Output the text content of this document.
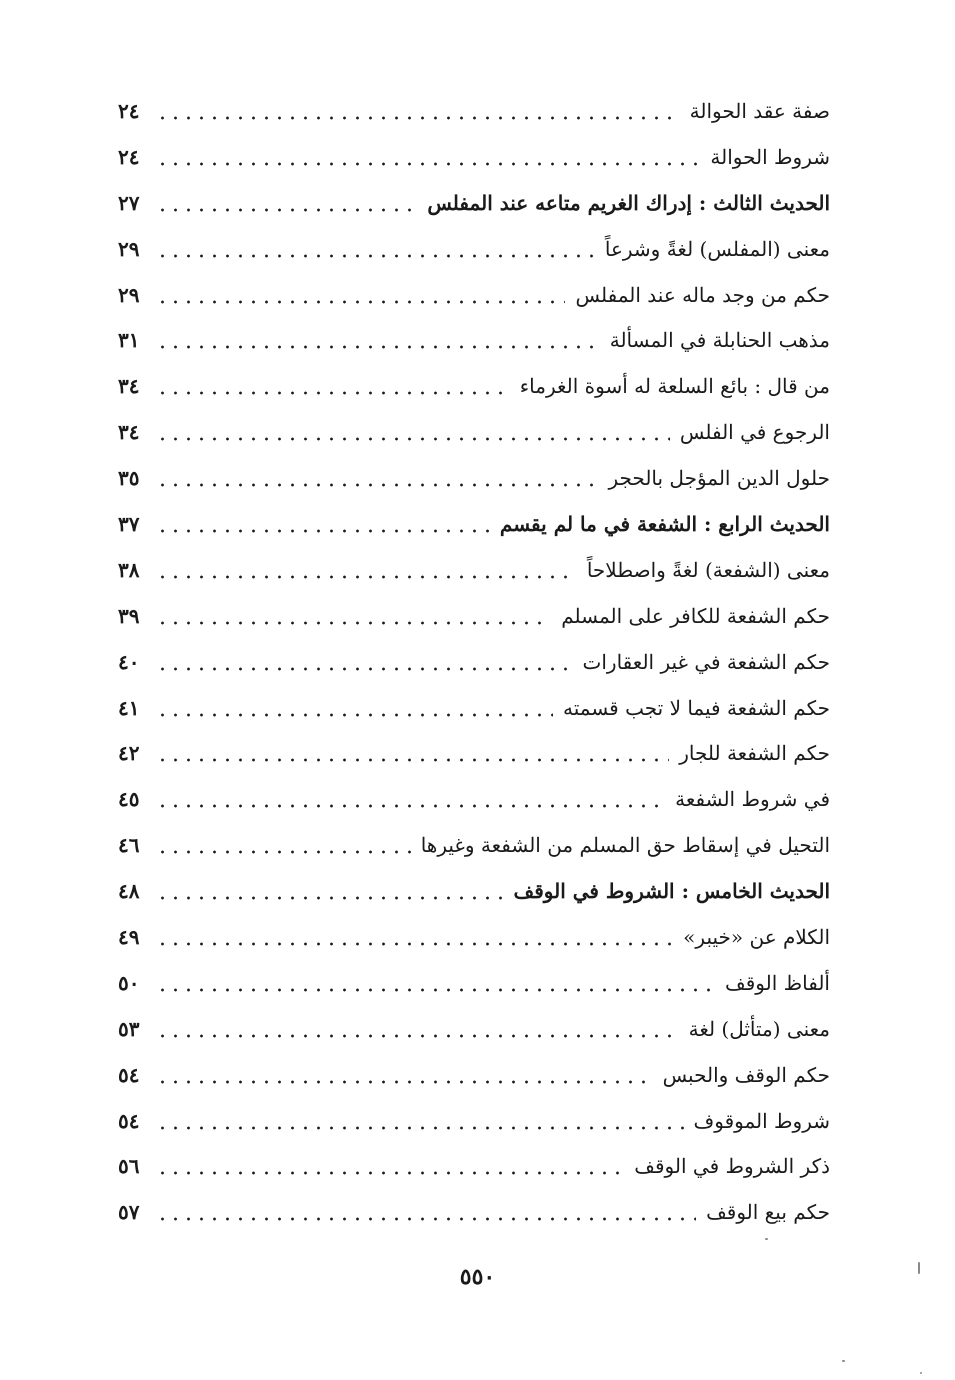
صفة عقد الحوالة
٢٤
شروط الحوالة
٢٤
الحديث الثالث : إدراك الغريم متاعه عند المفلس
٢٧
معنى (المفلس) لغةً وشرعاً
٢٩
حكم من وجد ماله عند المفلس
٢٩
مذهب الحنابلة في المسألة
٣١
من قال : بائع السلعة له أسوة الغرماء
٣٤
الرجوع في الفلس
٣٤
حلول الدين المؤجل بالحجر
٣٥
الحديث الرابع : الشفعة في ما لم يقسم
٣٧
معنى (الشفعة) لغةً واصطلاحاً
٣٨
حكم الشفعة للكافر على المسلم
٣٩
حكم الشفعة في غير العقارات
٤٠
حكم الشفعة فيما لا تجب قسمته
٤١
حكم الشفعة للجار
٤٢
في شروط الشفعة
٤٥
التحيل في إسقاط حق المسلم من الشفعة وغيرها
٤٦
الحديث الخامس : الشروط في الوقف
٤٨
الكلام عن «خيبر»
٤٩
ألفاظ الوقف
٥٠
معنى (متأثل) لغة
٥٣
حكم الوقف والحبس
٥٤
شروط الموقوف
٥٤
ذكر الشروط في الوقف
٥٦
حكم بيع الوقف
٥٧
٥٥٠
